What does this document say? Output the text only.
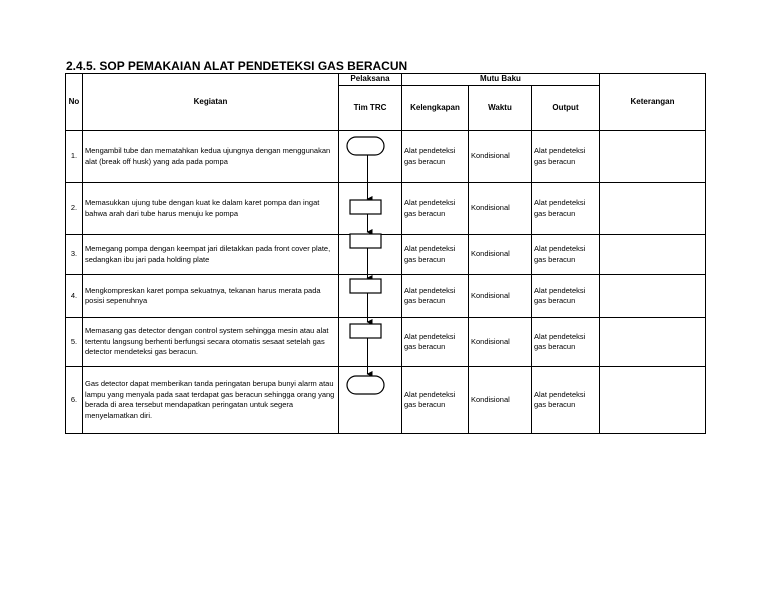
2.4.5. SOP PEMAKAIAN ALAT PENDETEKSI GAS BERACUN
No	Kegiatan	Pelaksana	Mutu Baku			Keterangan
		Tim TRC	Kelengkapan	Waktu	Output	
1.	Mengambil tube dan mematahkan kedua ujungnya dengan menggunakan alat (break off husk) yang ada pada pompa		Alat pendeteksi gas beracun	Kondisional	Alat pendeteksi gas beracun	
2.	Memasukkan ujung tube dengan kuat ke dalam karet pompa dan ingat bahwa arah dari tube harus menuju ke pompa		Alat pendeteksi gas beracun	Kondisional	Alat pendeteksi gas beracun	
3.	Memegang pompa dengan keempat jari diletakkan pada front cover plate, sedangkan ibu jari pada holding plate		Alat pendeteksi gas beracun	Kondisional	Alat pendeteksi gas beracun	
4.	Mengkompreskan karet pompa sekuatnya, tekanan harus merata pada posisi sepenuhnya		Alat pendeteksi gas beracun	Kondisional	Alat pendeteksi gas beracun	
5.	Memasang gas detector dengan control system sehingga mesin atau alat tertentu langsung berhenti berfungsi secara otomatis sesaat setelah gas detector mendeteksi gas beracun.		Alat pendeteksi gas beracun	Kondisional	Alat pendeteksi gas beracun	
6.	Gas detector dapat memberikan tanda peringatan berupa bunyi alarm atau lampu yang menyala pada saat terdapat gas beracun sehingga orang yang berada di area tersebut mendapatkan peringatan untuk segera menyelamatkan diri.		Alat pendeteksi gas beracun	Kondisional	Alat pendeteksi gas beracun	
